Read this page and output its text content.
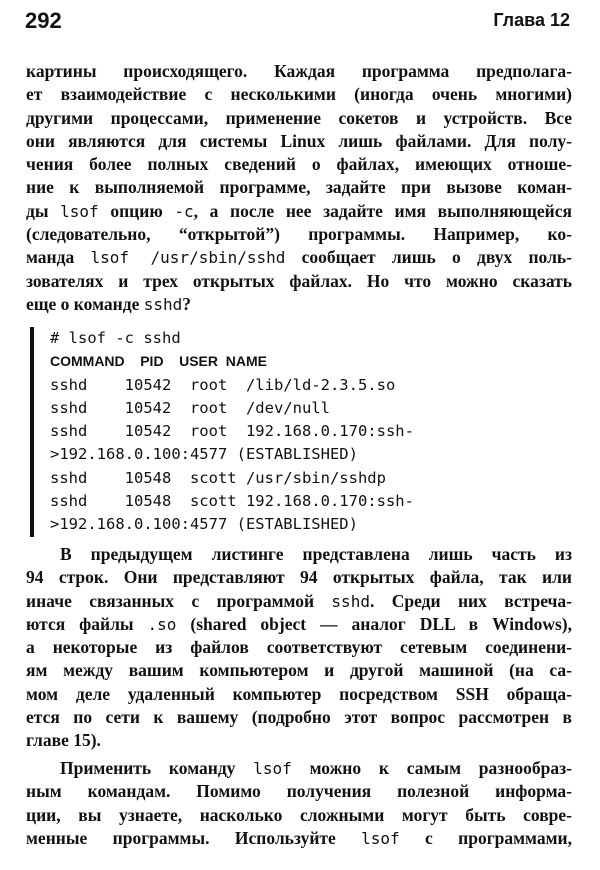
292	Глава 12
картины происходящего. Каждая программа предполага-
ет взаимодействие с несколькими (иногда очень многими)
другими процессами, применение сокетов и устройств. Все
они являются для системы Linux лишь файлами. Для полу-
чения более полных сведений о файлах, имеющих отноше-
ние к выполняемой программе, задайте при вызове коман-
ды lsof опцию -c, а после нее задайте имя выполняющейся
(следовательно, “открытой”) программы. Например, ко-
манда lsof /usr/sbin/sshd сообщает лишь о двух поль-
зователях и трех открытых файлах. Но что можно сказать
еще о команде sshd?
# lsof -c sshd
COMMAND    PID    USER  NAME
sshd    10542  root  /lib/ld-2.3.5.so
sshd    10542  root  /dev/null
sshd    10542  root  192.168.0.170:ssh-
>192.168.0.100:4577 (ESTABLISHED)
sshd    10548  scott /usr/sbin/sshdp
sshd    10548  scott 192.168.0.170:ssh-
>192.168.0.100:4577 (ESTABLISHED)
В предыдущем листинге представлена лишь часть из
94 строк. Они представляют 94 открытых файла, так или
иначе связанных с программой sshd. Среди них встреча-
ются файлы .so (shared object — аналог DLL в Windows),
а некоторые из файлов соответствуют сетевым соединени-
ям между вашим компьютером и другой машиной (на са-
мом деле удаленный компьютер посредством SSH обраща-
ется по сети к вашему (подробно этот вопрос рассмотрен в
главе 15).
Применить команду lsof можно к самым разнообраз-
ным командам. Помимо получения полезной информа-
ции, вы узнаете, насколько сложными могут быть совре-
менные программы. Используйте lsof с программами,
